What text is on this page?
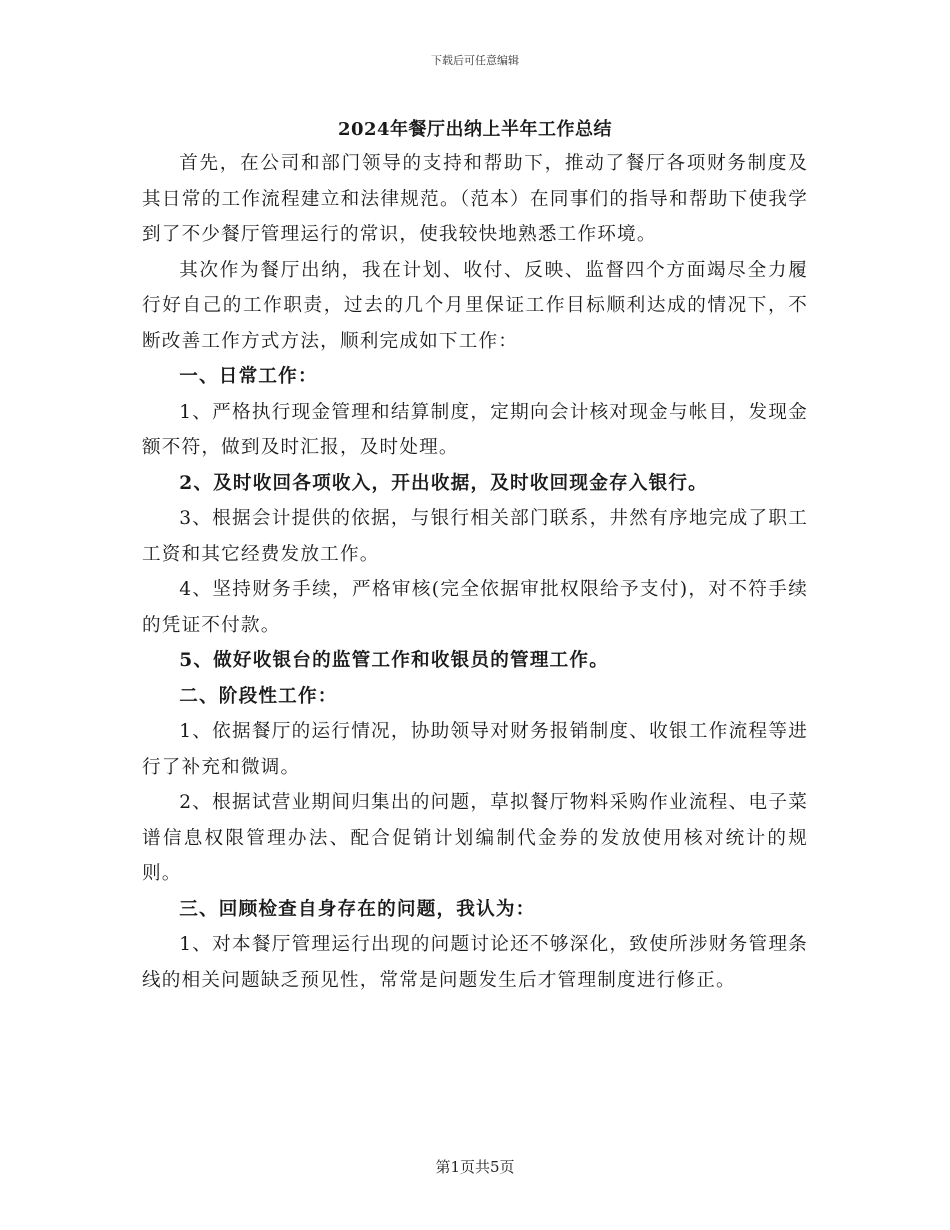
下载后可任意编辑
2024年餐厅出纳上半年工作总结

首先，在公司和部门领导的支持和帮助下，推动了餐厅各项财务制度及其日常的工作流程建立和法律规范。（范本）在同事们的指导和帮助下使我学到了不少餐厅管理运行的常识，使我较快地熟悉工作环境。

其次作为餐厅出纳，我在计划、收付、反映、监督四个方面竭尽全力履行好自己的工作职责，过去的几个月里保证工作目标顺利达成的情况下，不断改善工作方式方法，顺利完成如下工作：

一、日常工作：

1、严格执行现金管理和结算制度，定期向会计核对现金与帐目，发现金额不符，做到及时汇报，及时处理。

2、及时收回各项收入，开出收据，及时收回现金存入银行。

3、根据会计提供的依据，与银行相关部门联系，井然有序地完成了职工工资和其它经费发放工作。

4、坚持财务手续，严格审核(完全依据审批权限给予支付)，对不符手续的凭证不付款。

5、做好收银台的监管工作和收银员的管理工作。

二、阶段性工作：

1、依据餐厅的运行情况，协助领导对财务报销制度、收银工作流程等进行了补充和微调。

2、根据试营业期间归集出的问题，草拟餐厅物料采购作业流程、电子菜谱信息权限管理办法、配合促销计划编制代金券的发放使用核对统计的规则。

三、回顾检查自身存在的问题，我认为：

1、对本餐厅管理运行出现的问题讨论还不够深化，致使所涉财务管理条线的相关问题缺乏预见性，常常是问题发生后才管理制度进行修正。

第1页共5页
